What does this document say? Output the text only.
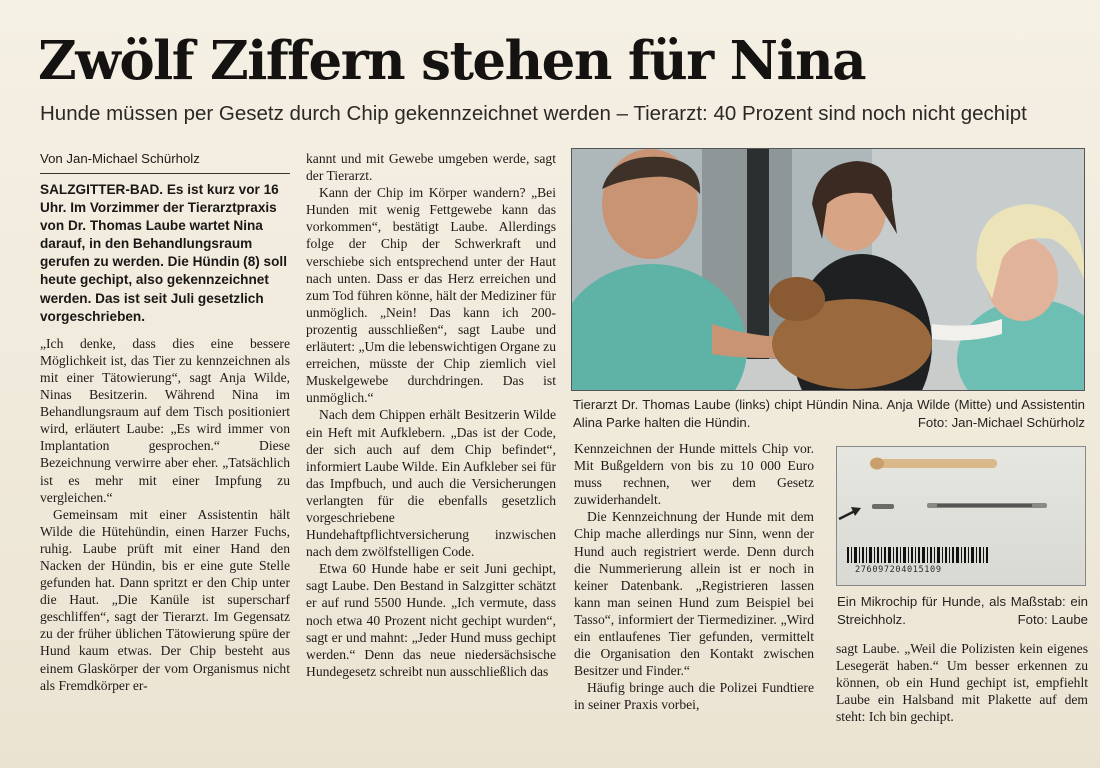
Zwölf Ziffern stehen für Nina
Hunde müssen per Gesetz durch Chip gekennzeichnet werden – Tierarzt: 40 Prozent sind noch nicht gechipt
Von Jan-Michael Schürholz

SALZGITTER-BAD. Es ist kurz vor 16 Uhr. Im Vorzimmer der Tierarztpraxis von Dr. Thomas Laube wartet Nina darauf, in den Behandlungsraum gerufen zu werden. Die Hündin (8) soll heute gechipt, also gekennzeichnet werden. Das ist seit Juli gesetzlich vorgeschrieben.

„Ich denke, dass dies eine bessere Möglichkeit ist, das Tier zu kennzeichnen als mit einer Tätowierung“, sagt Anja Wilde, Ninas Besitzerin. Während Nina im Behandlungsraum auf dem Tisch positioniert wird, erläutert Laube: „Es wird immer von Implantation gesprochen.“ Diese Bezeichnung verwirre aber eher. „Tatsächlich ist es mehr mit einer Impfung zu vergleichen.“

Gemeinsam mit einer Assistentin hält Wilde die Hütehündin, einen Harzer Fuchs, ruhig. Laube prüft mit einer Hand den Nacken der Hündin, bis er eine gute Stelle gefunden hat. Dann spritzt er den Chip unter die Haut. „Die Kanüle ist superscharf geschliffen“, sagt der Tierarzt. Im Gegensatz zu der früher üblichen Tätowierung spüre der Hund kaum etwas. Der Chip besteht aus einem Glaskörper der vom Organismus nicht als Fremdkörper er-

kannt und mit Gewebe umgeben werde, sagt der Tierarzt.

Kann der Chip im Körper wandern? „Bei Hunden mit wenig Fettgewebe kann das vorkommen“, bestätigt Laube. Allerdings folge der Chip der Schwerkraft und verschiebe sich entsprechend unter der Haut nach unten. Dass er das Herz erreichen und zum Tod führen könne, hält der Mediziner für unmöglich. „Nein! Das kann ich 200-prozentig ausschließen“, sagt Laube und erläutert: „Um die lebenswichtigen Organe zu erreichen, müsste der Chip ziemlich viel Muskelgewebe durchdringen. Das ist unmöglich.“

Nach dem Chippen erhält Besitzerin Wilde ein Heft mit Aufklebern. „Das ist der Code, der sich auch auf dem Chip befindet“, informiert Laube Wilde. Ein Aufkleber sei für das Impfbuch, und auch die Versicherungen verlangten für die ebenfalls gesetzlich vorgeschriebene Hundehaftpflichtversicherung inzwischen nach dem zwölfstelligen Code.

Etwa 60 Hunde habe er seit Juni gechipt, sagt Laube. Den Bestand in Salzgitter schätzt er auf rund 5500 Hunde. „Ich vermute, dass noch etwa 40 Prozent nicht gechipt wurden“, sagt er und mahnt: „Jeder Hund muss gechipt werden.“ Denn das neue niedersächsische Hundegesetz schreibt nun ausschließlich das

Tierarzt Dr. Thomas Laube (links) chipt Hündin Nina. Anja Wilde (Mitte) und Assistentin Alina Parke halten die Hündin.	Foto: Jan-Michael Schürholz

Kennzeichnen der Hunde mittels Chip vor. Mit Bußgeldern von bis zu 10 000 Euro muss rechnen, wer dem Gesetz zuwiderhandelt.

Die Kennzeichnung der Hunde mit dem Chip mache allerdings nur Sinn, wenn der Hund auch registriert werde. Denn durch die Nummerierung allein ist er noch in keiner Datenbank. „Registrieren lassen kann man seinen Hund zum Beispiel bei Tasso“, informiert der Tiermediziner. „Wird ein entlaufenes Tier gefunden, vermittelt die Organisation den Kontakt zwischen Besitzer und Finder.“

Häufig bringe auch die Polizei Fundtiere in seiner Praxis vorbei,

276097204015109
Ein Mikrochip für Hunde, als Maßstab: ein Streichholz.	Foto: Laube

sagt Laube. „Weil die Polizisten kein eigenes Lesegerät haben.“ Um besser erkennen zu können, ob ein Hund gechipt ist, empfiehlt Laube ein Halsband mit Plakette auf dem steht: Ich bin gechipt.
